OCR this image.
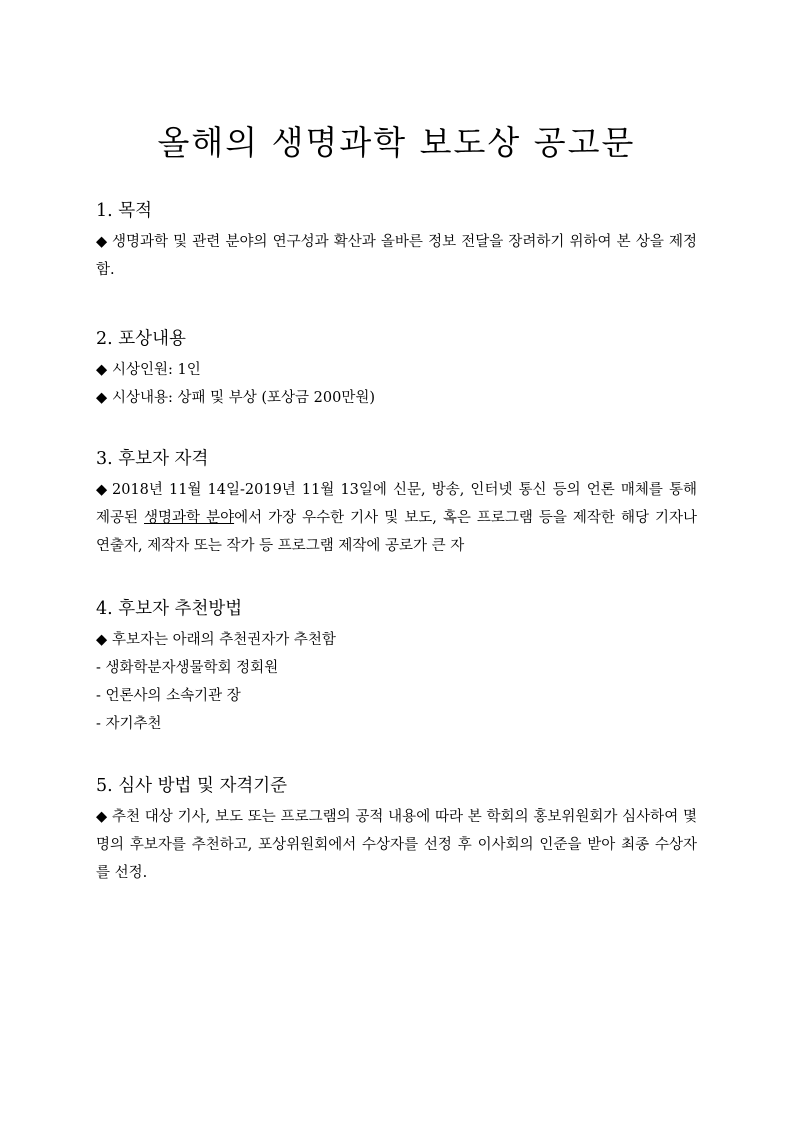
올해의 생명과학 보도상 공고문

1. 목적

◆ 생명과학 및 관련 분야의 연구성과 확산과 올바른 정보 전달을 장려하기 위하여 본 상을 제정함.

2. 포상내용

◆ 시상인원: 1인

◆ 시상내용: 상패 및 부상 (포상금 200만원)

3. 후보자 자격

◆ 2018년 11월 14일-2019년 11월 13일에 신문, 방송, 인터넷 통신 등의 언론 매체를 통해 제공된 생명과학 분야에서 가장 우수한 기사 및 보도, 혹은 프로그램 등을 제작한 해당 기자나 연출자, 제작자 또는 작가 등 프로그램 제작에 공로가 큰 자

4. 후보자 추천방법

◆ 후보자는 아래의 추천권자가 추천함

- 생화학분자생물학회 정회원

- 언론사의 소속기관 장

- 자기추천

5. 심사 방법 및 자격기준

◆ 추천 대상 기사, 보도 또는 프로그램의 공적 내용에 따라 본 학회의 홍보위원회가 심사하여 몇 명의 후보자를 추천하고, 포상위원회에서 수상자를 선정 후 이사회의 인준을 받아 최종 수상자를 선정.
